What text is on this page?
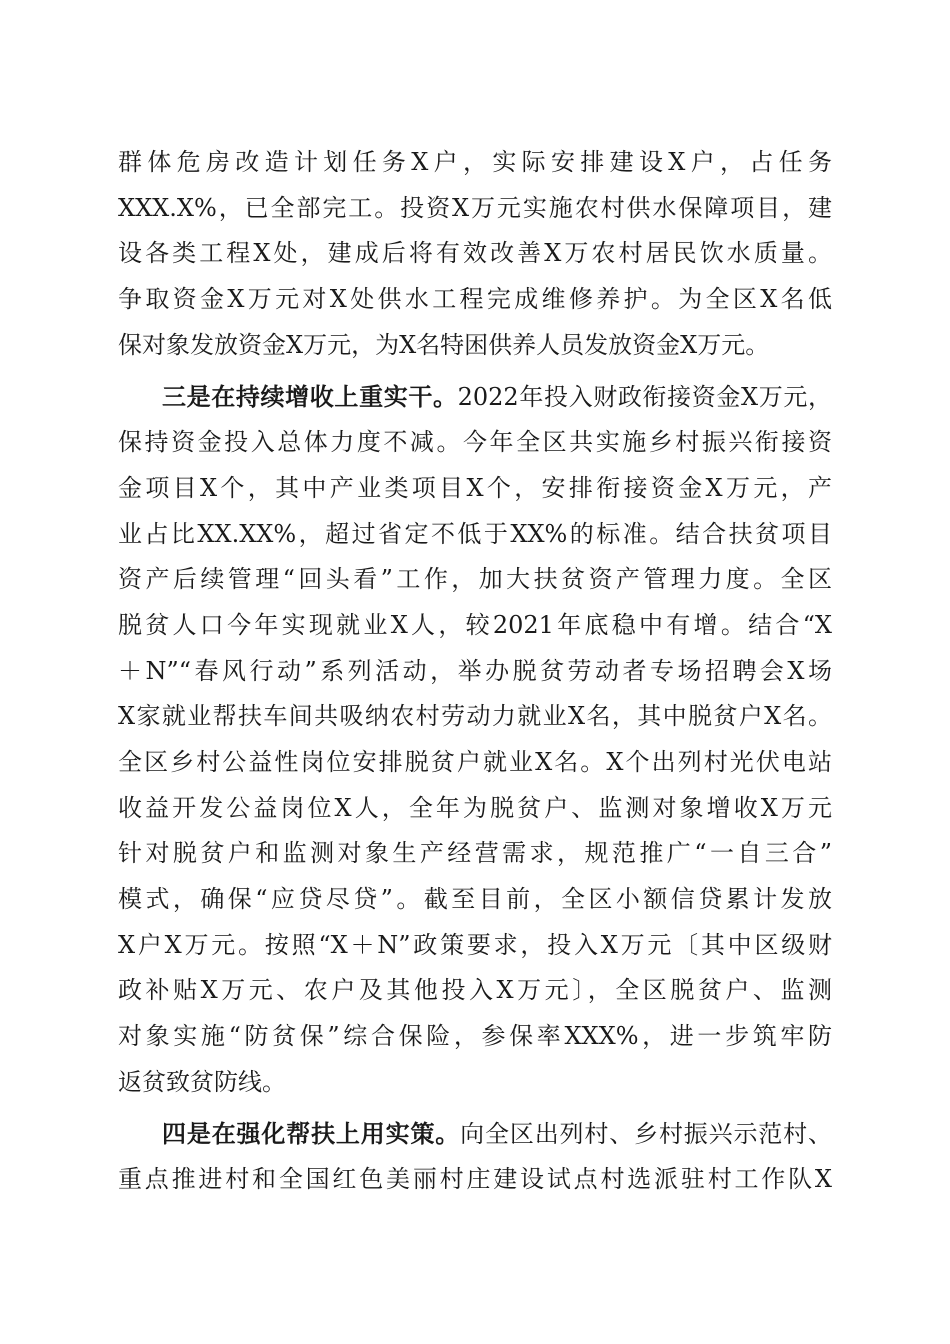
群体危房改造计划任务X户，实际安排建设X户，占任务
XXX.X%，已全部完工。投资X万元实施农村供水保障项目，建
设各类工程X处，建成后将有效改善X万农村居民饮水质量。
争取资金X万元对X处供水工程完成维修养护。为全区X名低
保对象发放资金X万元，为X名特困供养人员发放资金X万元。
三是在持续增收上重实干。2022年投入财政衔接资金X万元，
保持资金投入总体力度不减。今年全区共实施乡村振兴衔接资
金项目X个，其中产业类项目X个，安排衔接资金X万元，产
业占比XX.XX%，超过省定不低于XX%的标准。结合扶贫项目
资产后续管理“回头看”工作，加大扶贫资产管理力度。全区
脱贫人口今年实现就业X人，较2021年底稳中有增。结合“X
＋N”“春风行动”系列活动，举办脱贫劳动者专场招聘会X场
X家就业帮扶车间共吸纳农村劳动力就业X名，其中脱贫户X名。
全区乡村公益性岗位安排脱贫户就业X名。X个出列村光伏电站
收益开发公益岗位X人，全年为脱贫户、监测对象增收X万元
针对脱贫户和监测对象生产经营需求，规范推广“一自三合”
模式，确保“应贷尽贷”。截至目前，全区小额信贷累计发放
X户X万元。按照“X＋N”政策要求，投入X万元〔其中区级财
政补贴X万元、农户及其他投入X万元〕，全区脱贫户、监测
对象实施“防贫保”综合保险，参保率XXX%，进一步筑牢防
返贫致贫防线。
四是在强化帮扶上用实策。向全区出列村、乡村振兴示范村、
重点推进村和全国红色美丽村庄建设试点村选派驻村工作队X
